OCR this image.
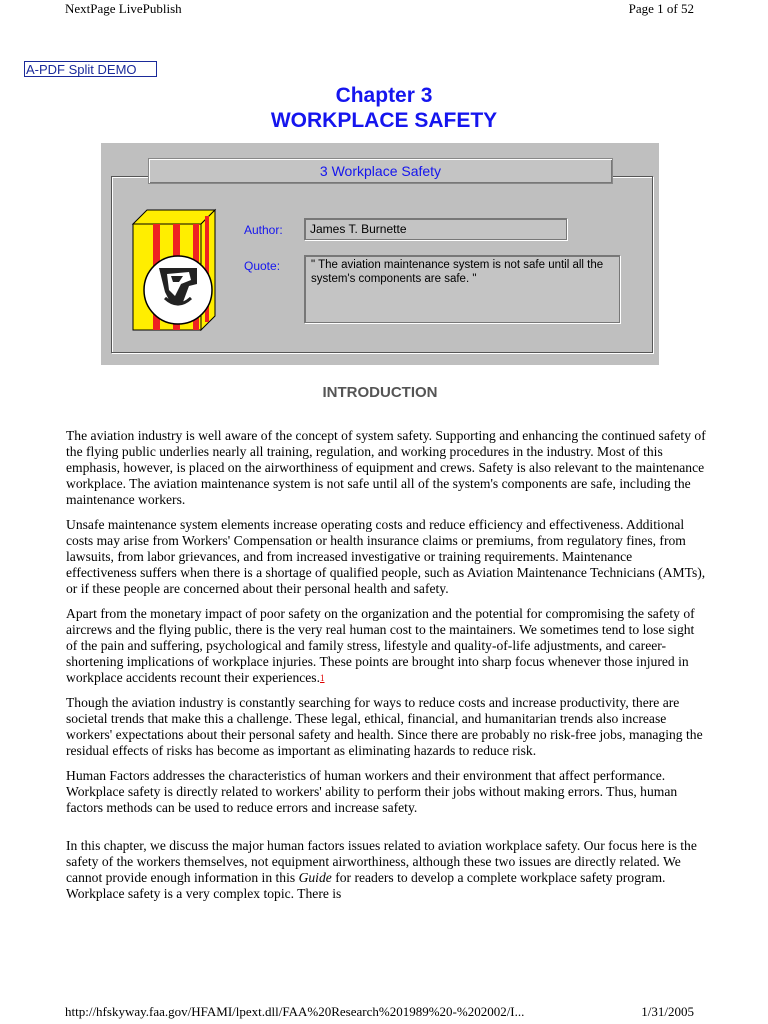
NextPage LivePublish	Page 1 of 52
A-PDF Split DEMO
Chapter 3
WORKPLACE SAFETY
3 Workplace Safety
Author:	James T. Burnette
Quote:	" The aviation maintenance system is not safe until all the system's components are safe. "
INTRODUCTION

The aviation industry is well aware of the concept of system safety. Supporting and enhancing the continued safety of the flying public underlies nearly all training, regulation, and working procedures in the industry. Most of this emphasis, however, is placed on the airworthiness of equipment and crews. Safety is also relevant to the maintenance workplace. The aviation maintenance system is not safe until all of the system's components are safe, including the maintenance workers.

Unsafe maintenance system elements increase operating costs and reduce efficiency and effectiveness. Additional costs may arise from Workers' Compensation or health insurance claims or premiums, from regulatory fines, from lawsuits, from labor grievances, and from increased investigative or training requirements. Maintenance effectiveness suffers when there is a shortage of qualified people, such as Aviation Maintenance Technicians (AMTs), or if these people are concerned about their personal health and safety.

Apart from the monetary impact of poor safety on the organization and the potential for compromising the safety of aircrews and the flying public, there is the very real human cost to the maintainers. We sometimes tend to lose sight of the pain and suffering, psychological and family stress, lifestyle and quality-of-life adjustments, and career-shortening implications of workplace injuries. These points are brought into sharp focus whenever those injured in workplace accidents recount their experiences.$^1$

Though the aviation industry is constantly searching for ways to reduce costs and increase productivity, there are societal trends that make this a challenge. These legal, ethical, financial, and humanitarian trends also increase workers' expectations about their personal safety and health. Since there are probably no risk-free jobs, managing the residual effects of risks has become as important as eliminating hazards to reduce risk.

Human Factors addresses the characteristics of human workers and their environment that affect performance. Workplace safety is directly related to workers' ability to perform their jobs without making errors. Thus, human factors methods can be used to reduce errors and increase safety.

In this chapter, we discuss the major human factors issues related to aviation workplace safety. Our focus here is the safety of the workers themselves, not equipment airworthiness, although these two issues are directly related. We cannot provide enough information in this Guide for readers to develop a complete workplace safety program. Workplace safety is a very complex topic. There is

http://hfskyway.faa.gov/HFAMI/lpext.dll/FAA%20Research%201989%20-%202002/I...	1/31/2005
